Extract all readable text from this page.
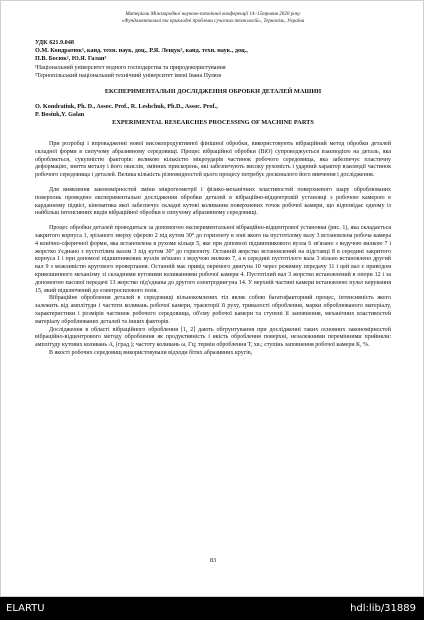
Матеріали Міжнародної науково-технічної конференції 14–15травня 2020 року
«Фундаментальні та прикладні проблеми сучасних технологій», Тернопіль, Україна
УДК 621.9.048
О.М. Кондратюк¹, канд. техн. наук, доц., Р.Я. Лещук², канд. техн. наук., доц.,
П.В. Босюк², Ю.Я. Галан²
¹Національний університет водного господарства та природокористування
²Тернопільський національний технічний університет імені Івана Пулюя
ЕКСПЕРИМЕНТАЛЬНІ ДОСЛІДЖЕННЯ ОБРОБКИ ДЕТАЛЕЙ МАШИН
O. Kondratiuk, Ph. D., Assoc. Prof., R. Leshchuk, Ph.D., Assoc. Prof.,
P. Bosiuk,Y. Galan
EXPERIMENTAL RESEARCHES PROCESSING OF MACHINE PARTS

При розробці і впровадженні нової високопродуктивної фінішної обробки, використовують вібраційний метод обробки деталей складної форми в сипучому абразивному середовищі. Процес вібраційної обробки (ВіО) супроводжується взаємодією на деталь, яка обробляється, сукупністю факторів: великою кількістю мікроударів частинок робочого середовища, яка забезпечує пластичну деформацію, зняття металу і його окислів, змінних прискорень, які забезпечують високу рухомість і ударний характер взаємодії частинок робочого середовища і деталей. Велика кількість різновидностей цього процесу потребує досконалого його вивчення і дослідження.

Для виявлення закономірностей зміни мікрогеометрії і фізико-механічних властивостей поверхневого шару оброблюваних поверхонь проведено експериментальні дослідження обробки деталей в вібраційно-відцентровій установці з робочою камерою в карданному підвісі, кінематика якої забезпечує складні кутові коливання поверхневих точок робочої камери, що відповідає одному із найбільш інтенсивних видів вібраційної обробки в сипучому абразивному середовищі.

Процес обробки деталей проводиться за допомогою експериментальної вібраційно-відцентрової установки (рис. 1), яка складається закритого корпуса 1, зрізаного зверху сферою 2 під кутом 30° до горизонту в зоні якого на пустотілому валу 3 встановлена робоча камера 4 конічно-сферичної форми, яка встановлена в рухоме кільце 5, яке при допомозі підшипникового вузла 6 зв'язано з ведучою вилкою 7 і жорстко з'єднано з пустотілим валом 3 під кутом 30° до горизонту. Останній жорстко встановлений на підставці 8 в середині закритого корпуса 1 і при допомозі підшипникових вузлів зв'язано з ведучою вилкою 7, а в середині пустотілого вала 3 вільно встановлено другий вал 9 з можливістю кругового провертання. Останній має привід окремого двигуна 10 через режимну передачу 11 і цей вал є приводом кривошипного механізму зі складними кутовими коливаннями робочої камери 4. Пустотілий вал 3 жорстко встановлений в опори 12 і за допомогою пасової передачі 13 жорстко під'єднана до другого електродвигуна 14. У верхній частині камери встановлено пульт керування 15, який підключений до електросилового поля.

Вібраційне оброблення деталей в середовищі вільнокомлених тіл являє собою багатофакторний процес, інтенсивність якого залежить від амплітуди і частоти коливань робочої камери, траєкторії її руху, тривалості оброблення, марки оброблюваного матеріалу, характеристики і розмірів частинок робочого середовища, об'єму робочої камери та ступені її заповнення, механічних властивостей матеріалу оброблюваних деталей та інших факторів.

Дослідження в області вібраційного оброблення [1, 2] дають обгрунтування при дослідженні таких основних закономірностей вібраційно-відцентрового методу оброблення як продуктивність і якість оброблення поверхні, незалежними перемінними прийняли: амплітуду кутових коливань А, (град.); частоту коливань ω, Гц; термін оброблення Т, хв.; ступінь заповнення робочої камери К, %.

В якості робочих середовищ використовували відходи бітих абразивних кругів,

83
ELARTU	hdl:lib/31889
